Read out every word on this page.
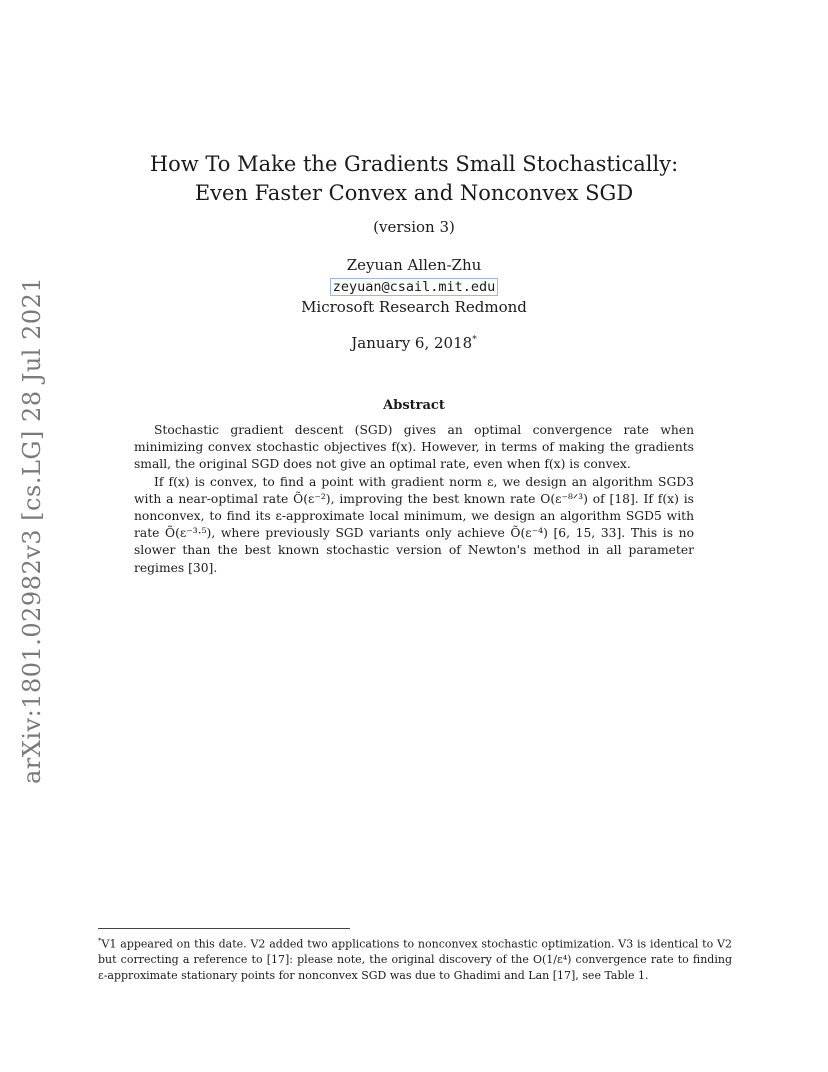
arXiv:1801.02982v3 [cs.LG] 28 Jul 2021
How To Make the Gradients Small Stochastically:
Even Faster Convex and Nonconvex SGD
(version 3)
Zeyuan Allen-Zhu
zeyuan@csail.mit.edu
Microsoft Research Redmond
January 6, 2018*
Abstract

Stochastic gradient descent (SGD) gives an optimal convergence rate when minimizing convex stochastic objectives f(x). However, in terms of making the gradients small, the original SGD does not give an optimal rate, even when f(x) is convex.

If f(x) is convex, to find a point with gradient norm ε, we design an algorithm SGD3 with a near-optimal rate Õ(ε⁻²), improving the best known rate O(ε⁻⁸ᐟ³) of [18]. If f(x) is nonconvex, to find its ε-approximate local minimum, we design an algorithm SGD5 with rate Õ(ε⁻³·⁵), where previously SGD variants only achieve Õ(ε⁻⁴) [6, 15, 33]. This is no slower than the best known stochastic version of Newton's method in all parameter regimes [30].

*V1 appeared on this date. V2 added two applications to nonconvex stochastic optimization. V3 is identical to V2 but correcting a reference to [17]: please note, the original discovery of the O(1/ε⁴) convergence rate to finding ε-approximate stationary points for nonconvex SGD was due to Ghadimi and Lan [17], see Table 1.
